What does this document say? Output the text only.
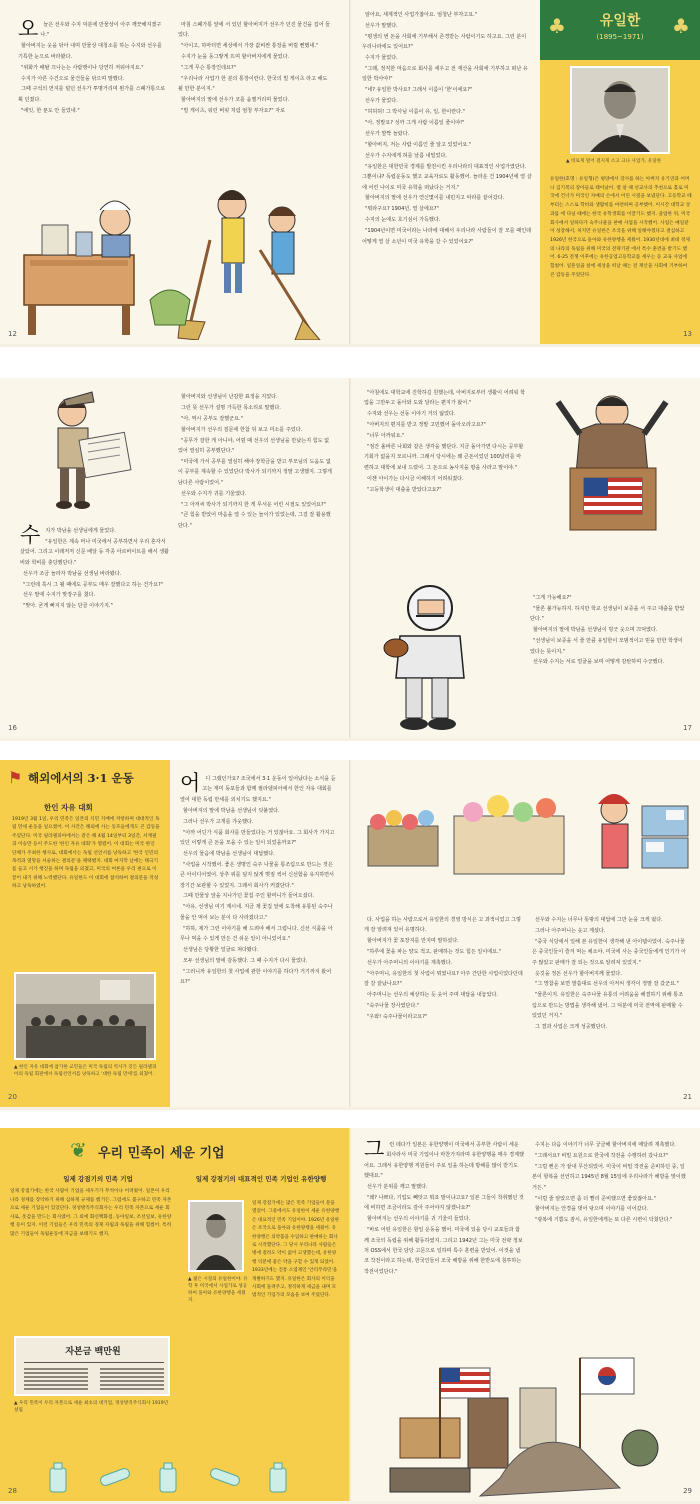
오 늘은 선우와 수지 덕분에 만물상이 아주 깨끗해지겠구나."

할아버지는 웃을 닦아 내며 만물상 대청소를 하는 수지와 선우를 기특한 눈으로 바라봤다.

"위화가 배탈 끄나는는 사람맹이나 당연히 저워야지요."

수지가 아른 수건으로 물건들을 닦으며 말했다.

그때 구석의 먼지를 털던 선우가 투명거리며 뭔가를 스폐가통으로 휙 던졌다.

"에잇, 한 푼도 안 들었네."

마침 스폐가통 앞에 서 있던 할아버지가 선우가 던진 물건을 집어 들었다.

"아이고, 하마터면 세상에서 가장 값비싼 통장을 버릴 뻔했네."

수지가 눈을 동그랗게 뜨며 할아버지에게 물었다.

"그게 무슨 통장인데요?"

"우리나라 사업가 한 분의 통장이란다. 한국의 빌 게이츠 라고 해도 될 만한 분이지."

할아버지의 말에 선우가 코를 움찔거리며 물었다.

"빌 게이츠, 워런 버핏 처럼 엄청 부자요?" 자로

12

알아요, 세계적인 사업가잖아요. 엄청난 부자고요."

선우가 말했다.

"평생의 번 돈을 사회에 기부해서 존경받는 사람이기도 하고요. 그런 분이 우리나라에도 있어요?"

수지가 물었다.

"그래, 정직한 마음으로 회사를 세우고 전 재산을 사회에 기부하고 떠난 유일한 박사야!"

"네? 유일한 박사요? 그래서 이름이 '한'이에요?"

선우가 물었다.

"허허허! 그 박사님 이름이 유, 일, 한이란다."

"아, 정말요? 성까 그게 사람 이름일 줄이야!"

선우가 깜짝 놀랐다.

"할아버지, 저는 사람 이름인 줄 알고 있었어요."

선우가 수지에게 혀를 날름 내밀었다.

"유일한은 대한민국 경제를 발전시킨 우리나라의 대표적인 사업가였단다. 그뿐이냐? 독립운동도 했고 교육자로도 활동했어. 놀라운 건 1904년에 열 살에 어린 나이로 미국 유학을 떠났다는 거지."

할아버지의 말에 선우가 연신몇이를 내민지고 따라를 끝어갔다.

"뭐라구요? 1904년, 열 살에요?"

수지의 눈에도 호기심이 가득했다.

"1904년이면 미국이라는 나라에 대해서 우리나라 사람들이 잘 모를 때인데 어떻게 열 살 소년이 미국 유학을 갈 수 있었어요?"

♣	♣
유일한
(1895~1971)
▲ 비로게 멀어 걸지게 소고 크나 사업가, 유일한
유일한(호명 : 유일형)은 평양에서 장사를 하는 아버지 유기연과 어머니 김기복의 장아들로 태어났어. 열 살 때 선교사의 추천으로 홀로 미국에 건너가 미국인 자매의 손에서 어린 시절을 보냈단다. 고등학교 때부터는 스스로 학비와 생활비를 마련하며 공부했어. 이시간 대학교 상과를 에 다닐 때에는 한국 유학생회를 이끌기도 했지. 졸업한 뒤, 미국 회사에서 일하다가 숙주나물을 판매 사업을 시작했어. 사업은 매일같이 성장해서, 처지만 유일한은 조국을 위해 일해야겠다고 결심하고 1926년 한국으로 돌아와 유한양행을 세웠어. 1930년대에 최대 정제의 나라의 독립을 위해 미국의 전략기관 에서 특수 훈련을 받기도 했어. 6·25 전쟁 이후에는 유한공업고등학교를 세우는 등 교육 사업에 힘썼어. 일흔일곱 살에 세상을 떠날 때는 전 재산을 사회에 기부하여 큰 감동을 주었단다.
13
수 지가 박남을 선생님에게 물었다.

"유일한은 계속 머나 미국에서 공부하면서 우리 혼자서 살았어. 그리고 이래저저 신문 배달 등 각종 아르바이트를 해서 생활비와 학비를 충당했단다."

선우가 조금 놀라자 박남을 선생님 바라봤다.

"그런데 혹시 그 될 때에도 공부도 매우 잘했다고 하는 건가요?"

선우 말에 수지가 맞장구를 쳤다.

"맞아. 굳게 빠지지 않는 단골 이야기지."

할아버지와 선생님이 난감한 표정을 지었다.

그런 뜻 선우가 설명 가득한 목소리로 말했다.

"아, 역시 공부도 잘했군요."

할아버지가 선우의 질문에 한참 뒤 보고 미소를 주었다.

"공무가 잘한 게 아니야, 어릴 때 선우의 선생님을 만났는지 힘도 없었어 열심히 공부했단다."

"미국에 가서 공부를 열심히 해야 장학금을 받고 부모님의 도움도 없이 공부를 계속할 수 있었단다 박사가 되기까지 정말 고생했지. 그렇게 남다른 사람이었어."

선우와 수지가 귀를 기울였다.

"그 아저씨 박사가 되기까지 한 게 무서운 어린 시절도 있었어요?"

"큰 힘을 받았어 마음을 열 수 있는 놀이가 있었는데, 그걸 잘 활용했단다."

16

"아침에도 대학교에 진학하길 원했는데, 아버지로부터 생활이 어려워 학업을 그만두고 돌아와 도와 달라는 편지가 왔어."

수지와 선우는 선동 이야기 거의 잃었다.

"아버지의 편지를 받고 정말 고민했어 돌아오라고요?"

"너무 아까워요."

"점잔 올바른 나회와 같은 생각을 했단다. 지금 돌아가면 다시는 공부할 기회가 없을지 모르니까. 그래서 당시에는 꽤 큰돈이었던 100달러를 마련하고 대학에 보내 드렸어. 그 돈으로 농사지을 땅을 사라고 말이야."

이젠 아이가는 다시금 이해하기 어려워졌다.

"고등학생이 대출을 받았다고요?"

"그게 가능해요?"

"물론 불가능하지. 하지만 학교 선생님이 보증을 서 주고 대출을 받았단다."

할아버지의 말에 박남을 선생님이 빙긋 웃으며 끄덕였다.

"선생님이 보증을 서 줄 만큼 유일한이 모범적이고 믿을 만한 학생이었다는 뜻이지."

선우와 수지는 서로 얼굴을 보며 어떻게 감탄하며 수긍했다.

17
⚑ 해외에서의 3·1 운동
한인 자유 대회
1919년 3월 1일, 우리 민족은 일본의 식민 지배에 저항하며 대대적인 독립 만세 운동을 일으켰어. 이 사건은 해외에 사는 동포들에게도 큰 감동을 주었단다. 미국 필라델피아에서는 같은 해 4월 14일부터 3일간, 서재필과 이승만 등이 주도한 '한인 자유 대회'가 열렸어. 이 대회는 미국 한인 단체가 주최한 행사로, 대회에서는 독립 선언서를 낭독하고 '한국 인민의 목적과 열망을 서술하는 결의문'을 채택했지. 대회 마지막 날에는 태극기를 들고 시가 행진을 하며 독립을 외쳤고, 미국의 여론을 우리 편으로 이끌어 내기 위해 노력했단다. 유일한도 이 대회에 참석하여 결의문을 작성하고 낭독하였어.
▲ 한인 자유 대회에 참가한 교민들은 미국 독립의 역사가 깃든 필라델피아의 독립 회관에서 독립선언서를 낭독하고 '대한 독립 만세'를 외쳤어.
어 디 그랬던가요? 조국에서 3·1 운동이 일어났다는 소식을 듣고는 재미 동포들과 함께 필라델피아에서 한인 자유 대회를 열어 대한 독립 만세를 외치기도 했지요."

할아버지의 말에 박남을 선생님이 덧붙였다.

그러나 선우가 고개를 갸웃했다.

"아까 어딘가 식품 회사를 만들었다는 거 있잖아요. 그 회사가 가지고 있던 이렇게 큰 돈을 모을 수 있는 일이 되었을까요?"

선우의 물음에 박남을 선생님이 대답했다.

"사업을 시작했어. 좋은 생명인 숙주 나물을 통조림으로 만드는 것은 큰 아이디어였어. 상추 위를 덮지 않게 볏짚 씩어 신선함을 유지하면서 장기간 보관할 수 있었지. 그래서 회사가 커졌단다."

그때 만물상 앞을 지나가던 꽃집 주인 할머니가 들어오셨다.

"아유, 선생님 여기 계시네. 지금 제 꽃집 앞에 도착해 유통된 숙주나물을 안 먹어 보는 분이 다 사라졌다고."

"하하, 제가 그런 이야기를 해 드려야 해서 그럽니다. 신선 식품을 아무나 먹을 수 있게 만든 건 쉬운 일이 아니었어요."

선생님은 당황한 얼굴로 쳐다봤다.

모두 선생님의 말에 감동했다. 그 때 수지가 다시 물었다.

"그러니까 유일한의 첫 사업에 관한 이야기를 하다가 거기까지 왔어요?"

20

다. 사업을 하는 사람으로서 유일한의 경영 방식은 고 과적이었고 그렇게 잘 알려져 있어 유명하다.

할아버지가 꽃 포장지를 만지며 말하셨다.

"하루에 꽃을 파는 양도 적고, 판매하는 것도 힘든 일이에요."

선우가 아주머니의 이야기를 재촉했다.

"아주머니, 유일한의 첫 사업이 뭐였나요? 아주 간단한 사업이었다던데 잘 갈 끝났나요?"

아주머니는 선우의 예상하는 듯 웃어 주며 대답을 내놓았다.

"숙주나물 장사였단다."

"우와! 숙주나물이라고요?"

선우와 수지는 너무나 뜻밖의 대답에 그만 눈을 크게 떴다.

그러나 아주머니는 웃고 계셨다.

"중국 식당에서 일해 본 유일한이 생각해 낸 아이템이었어. 숙주나물은 중국인들이 즐겨 먹는 채소야. 미국에 사는 중국인들에게 인기가 아주 많았고 판매가 잘 되는 것으로 알려져 있었지."

옷깃을 정돈 선우가 할아버지께 물었다.

"그 망참을 보면 말씀대로 선우의 아저씨 생각이 정말 잘 갔군요."

"물론이지. 유일한은 숙주나물 유통의 어려움을 해결하기 위해 통조림으로 만드는 방법을 생각해 냈어. 그 덕분에 미국 전역에 판매할 수 있었던 거지."

그 결과 사업은 크게 성공했단다.

21
❦ 우리 민족이 세운 기업
일제 강점기의 민족 기업
일제 강점기에는 한국 사람이 기업을 세우기가 무척이나 어려웠어. 일본이 우리나라 경제를 장악하기 위해 심하게 규제를 했거든. 그럼에도 불구하고 민족 자본으로 세운 기업들이 있었단다. 경성방직주식회사는 우리 민족 자본으로 세운 회사로, 옷감을 만드는 회사였어. 그 외에 화신백화점, 동아일보, 조선일보, 유한양행 등이 있지. 이런 기업들은 우리 민족의 경제 자립과 독립을 위해 힘썼어. 특히 많은 기업들이 독립운동에 자금을 보태기도 했지.
자본금 백만원
▲ 우리 민족이 우리 자본으로 세운 최초의 대기업, 경성방직주식회사 1919년 설립
일제 강점기의 대표적인 민족 기업인 유한양행
▲ 젊은 시절의 유일한이야. 유학 후 미국에서 사업가로 성공하여 돌아와 유한양행을 세웠지.
일제 강점기에는 많은 민족 기업들이 문을 열었어. 그중에서도 유일한이 세운 유한양행은 대표적인 민족 기업이야. 1926년 유일한은 조국으로 돌아와 유한양행을 세웠어. 유한양행은 의약품을 수입하고 판매하는 회사로 시작했단다. 그 당시 우리나라 사람들은 병에 걸려도 약이 없어 고생했는데, 유한양행 덕분에 좋은 약을 구할 수 있게 되었어. 1933년에는 진통 소염제인 '안티푸라민'을 개발하기도 했지. 유일한은 회사의 이익을 사회에 돌려주고, 정직하게 세금을 내며 모범적인 기업가의 모습을 보여 주었단다.
28
그 런 데다가 일본은 유한양행이 미국에서 공부한 사람이 세운 회사라서 미국 기업이나 마찬가지라며 유한양행을 매우 경계했어요. 그래서 유한양행 직원들이 주로 일을 하는데 방해를 많이 받기도 했대요."

선우가 분위를 깨고 말했다.

"왜? 나쁘다, 기업도 빼앗고 뭐죠 말이냐고요? 일본 그들이 착취했던 것에 비하면 조금이라도 갚아 주어야지 않겠나요?"

할아버지는 선우의 이야기를 귀 기울여 들었다.

"바로 어떤 유일한은 항일 운동을 했어. 미국에 있을 당시 교포들과 함께 조국의 독립을 위해 활동하였지. 그리고 1942년 그는 미국 전략 정보처 OSS에서 한국 담당 고문으로 일하며 특수 훈련을 받았어. 이것을 냅코 작전이라고 하는데, 한국인들이 조국 해방을 위해 한반도에 침투하는 작전이었단다."

수지는 다음 이야기가 너무 궁금해 할아버지에 매달려 재촉했다.

"그래서요? 비밀 요원으로 한국에 작전을 수행하러 갔나요?"

"그럴 뻔은 가 끝내 무산되었어. 미국이 비밀 작전을 준비하던 중, 일본이 항복을 선언하고 1945년 8월 15일에 우리나라가 해방을 맞이했거든."

"이럴 줄 알았으면 좀 더 빨리 준비했으면 좋았잖아요."

할아버지는 안경을 벗어 닦으며 이야기를 이어갔다.

"광복에 기쁨도 잠시, 유일한에게는 또 다른 시련이 닥쳤단다."

29
